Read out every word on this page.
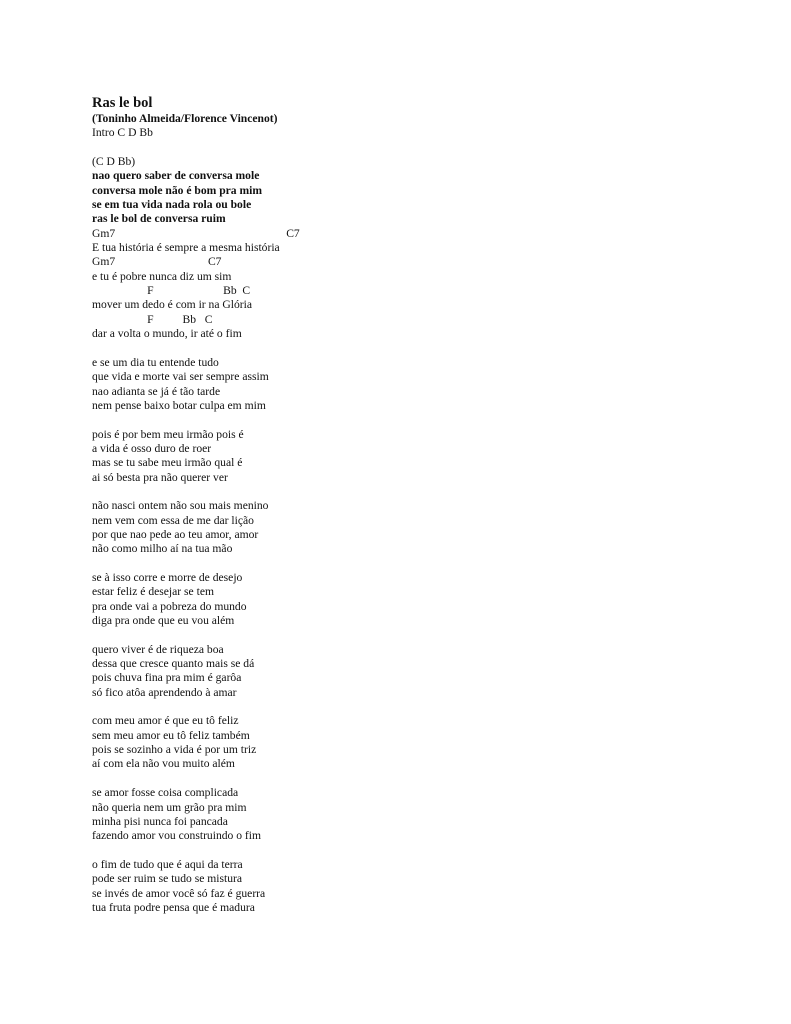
Ras le bol
(Toninho Almeida/Florence Vincenot)
Intro C D Bb
(C D Bb)
nao quero saber de conversa mole
conversa mole não é bom pra mim
se em tua vida nada rola ou bole
ras le bol de conversa ruim
Gm7                                                           C7
E tua história é sempre a mesma história
Gm7                                C7
e tu é pobre nunca diz um sim
F                        Bb  C
mover um dedo é com ir na Glória
F          Bb   C
dar a volta o mundo, ir até o fim
e se um dia tu entende tudo
que vida e morte vai ser sempre assim
nao adianta se já é tão tarde
nem pense baixo botar culpa em mim
pois é por bem meu irmão pois é
a vida é osso duro de roer
mas se tu sabe meu irmão qual é
ai só besta pra não querer ver
não nasci ontem não sou mais menino
nem vem com essa de me dar lição
por que nao pede ao teu amor, amor
não como milho aí na tua mão
se à isso corre e morre de desejo
estar feliz é desejar se tem
pra onde vai a pobreza do mundo
diga pra onde que eu vou além
quero viver é de riqueza boa
dessa que cresce quanto mais se dá
pois chuva fina pra mim é garôa
só fico atôa aprendendo à amar
com meu amor é que eu tô feliz
sem meu amor eu tô feliz também
pois se sozinho a vida é por um triz
aí com ela não vou muito além
se amor fosse coisa complicada
não queria nem um grão pra mim
minha pisi nunca foi pancada
fazendo amor vou construindo o fim
o fim de tudo que é aqui da terra
pode ser ruim se tudo se mistura
se invés de amor você só faz é guerra
tua fruta podre pensa que é madura
